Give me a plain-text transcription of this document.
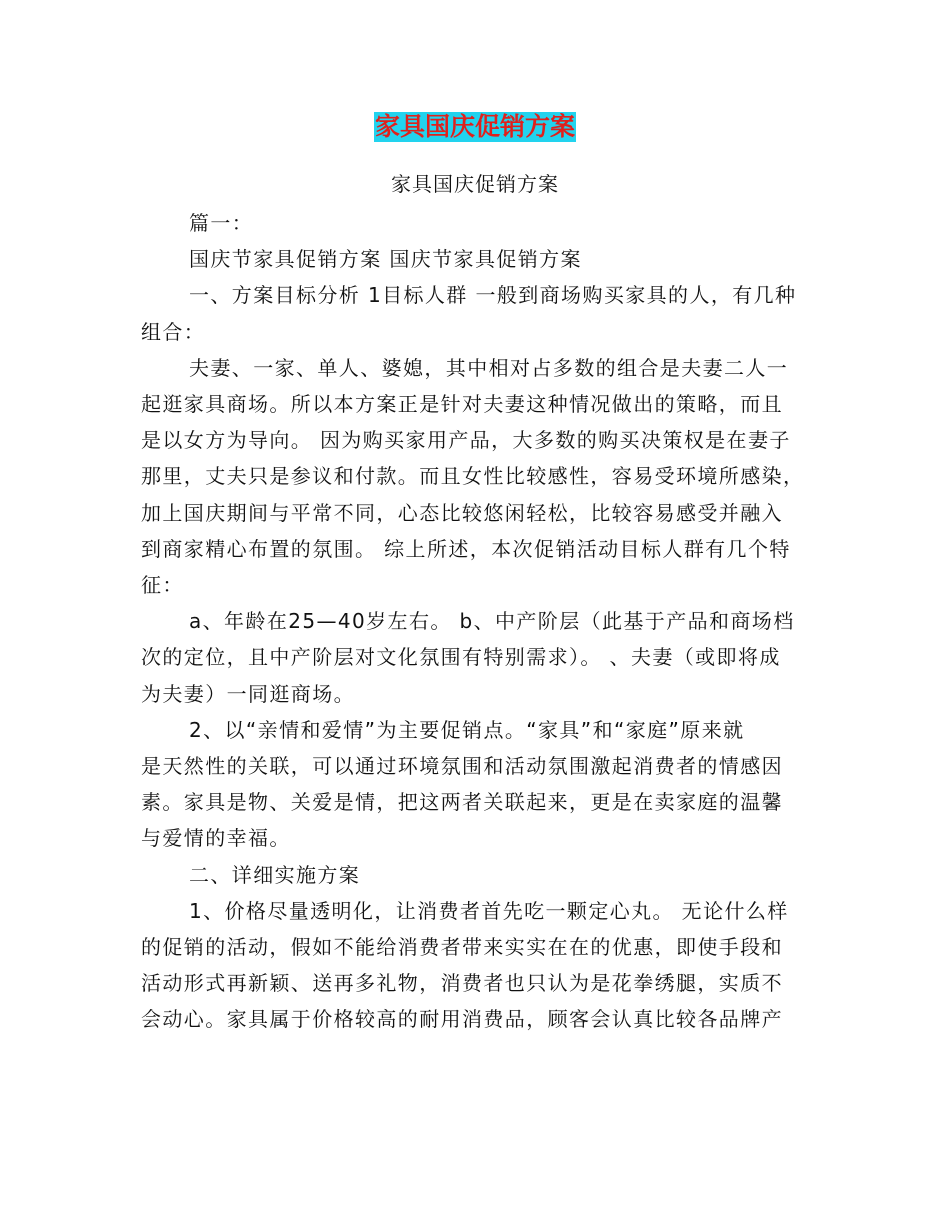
家具国庆促销方案
家具国庆促销方案
篇一：
国庆节家具促销方案 国庆节家具促销方案
一、方案目标分析 1目标人群 一般到商场购买家具的人，有几种
组合：
夫妻、一家、单人、婆媳，其中相对占多数的组合是夫妻二人一
起逛家具商场。所以本方案正是针对夫妻这种情况做出的策略，而且
是以女方为导向。 因为购买家用产品，大多数的购买决策权是在妻子
那里，丈夫只是参议和付款。而且女性比较感性，容易受环境所感染，
加上国庆期间与平常不同，心态比较悠闲轻松，比较容易感受并融入
到商家精心布置的氛围。 综上所述，本次促销活动目标人群有几个特
征：
a、年龄在25—40岁左右。 b、中产阶层（此基于产品和商场档
次的定位，且中产阶层对文化氛围有特别需求）。 、夫妻（或即将成
为夫妻）一同逛商场。
2、以“亲情和爱情”为主要促销点。“家具”和“家庭”原来就
是天然性的关联，可以通过环境氛围和活动氛围激起消费者的情感因
素。家具是物、关爱是情，把这两者关联起来，更是在卖家庭的温馨
与爱情的幸福。
二、详细实施方案
1、价格尽量透明化，让消费者首先吃一颗定心丸。 无论什么样
的促销的活动，假如不能给消费者带来实实在在的优惠，即使手段和
活动形式再新颖、送再多礼物，消费者也只认为是花拳绣腿，实质不
会动心。家具属于价格较高的耐用消费品，顾客会认真比较各品牌产
